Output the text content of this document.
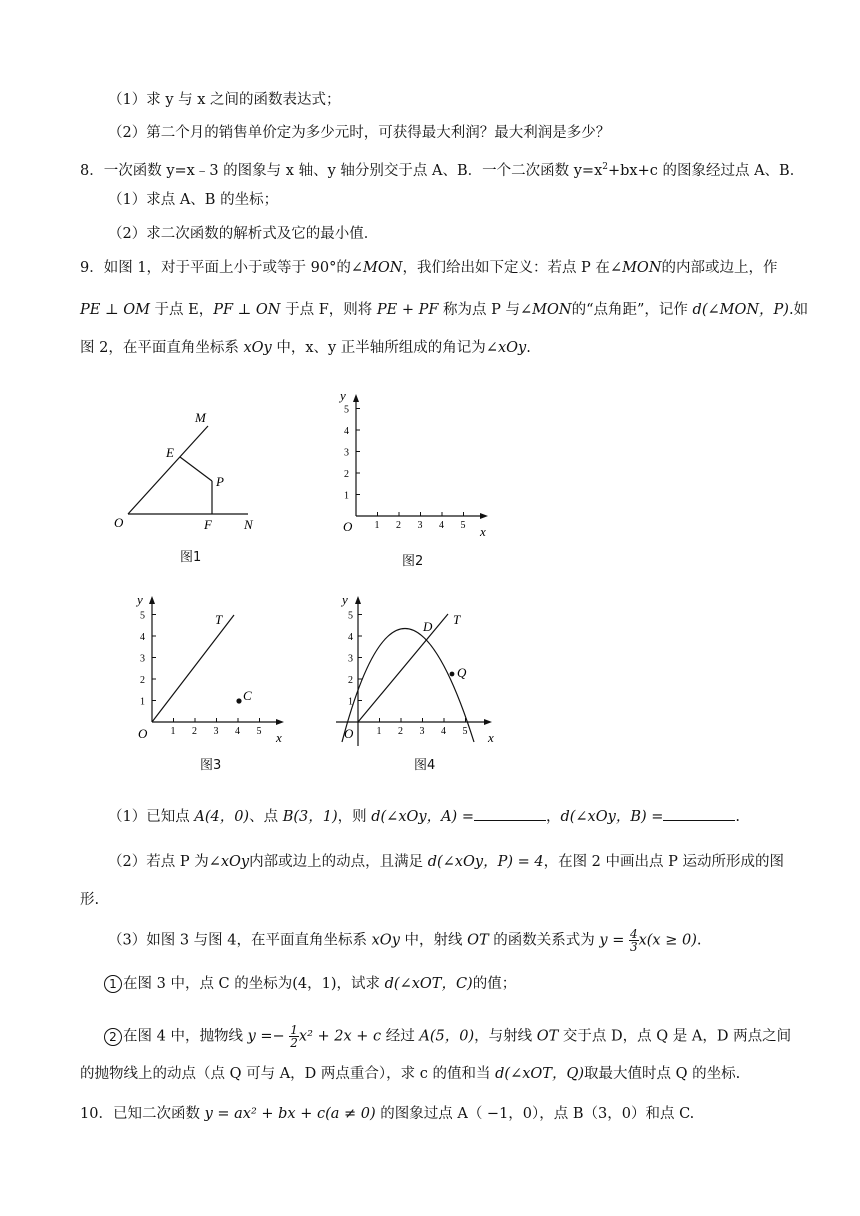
（1）求 y 与 x 之间的函数表达式；
（2）第二个月的销售单价定为多少元时，可获得最大利润？最大利润是多少？
8．一次函数 y=x﹣3 的图象与 x 轴、y 轴分别交于点 A、B．一个二次函数 $y=x^2+bx+c$ 的图象经过点 A、B．
（1）求点 A、B 的坐标；
（2）求二次函数的解析式及它的最小值．
9．如图 1，对于平面上小于或等于 90°的∠MON，我们给出如下定义：若点 P 在∠MON的内部或边上，作
PE ⊥ OM 于点 E，PF ⊥ ON 于点 F，则将 PE + PF 称为点 P 与∠MON的“点角距”，记作 d(∠MON，P).如
图 2，在平面直角坐标系 xOy 中，x、y 正半轴所组成的角记为∠xOy.
M
E
P
O	F N
图1
1
1
2
2
3
3
4
4
5
5
y
x
O
图2
1
1
2
2
3
3
4
4
5
5
C
T
y
x
O
图3
1
1
2
2
3
3
4
4
5
5
D T
Q
y
x
O
图4
（1）已知点 A(4，0)、点 B(3，1)，则 d(∠xOy，A) =	，d(∠xOy，B) =	.
（2）若点 P 为∠xOy内部或边上的动点，且满足 d(∠xOy，P) = 4，在图 2 中画出点 P 运动所形成的图
形.
（3）如图 3 与图 4，在平面直角坐标系 xOy 中，射线 OT 的函数关系式为 $y = \frac{4}{3} x(x \ge 0)$.
1 在图 3 中，点 C 的坐标为(4，1)，试求 d(∠xOT，C)的值；
2 在图 4 中，抛物线 $y =- \frac{1}{2} x^2 + 2x + c$ 经过 A(5，0)，与射线 OT 交于点 D，点 Q 是 A，D 两点之间
的抛物线上的动点（点 Q 可与 A，D 两点重合），求 c 的值和当 d(∠xOT，Q)取最大值时点 Q 的坐标.
10．已知二次函数 y = ax² + bx + c(a ≠ 0) 的图象过点 A（ −1，0），点 B（3，0）和点 C.
